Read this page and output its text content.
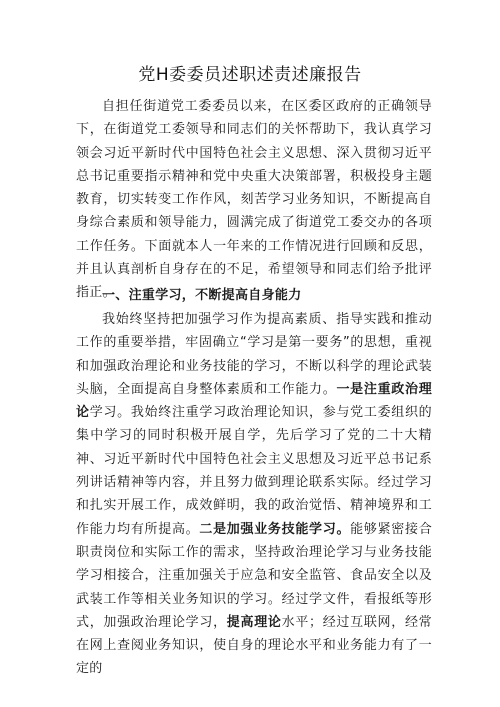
党H委委员述职述责述廉报告

自担任街道党工委委员以来，在区委区政府的正确领导下，在街道党工委领导和同志们的关怀帮助下，我认真学习领会习近平新时代中国特色社会主义思想、深入贯彻习近平总书记重要指示精神和党中央重大决策部署，积极投身主题教育，切实转变工作作风，刻苦学习业务知识，不断提高自身综合素质和领导能力，圆满完成了街道党工委交办的各项工作任务。下面就本人一年来的工作情况进行回顾和反思，并且认真剖析自身存在的不足，希望领导和同志们给予批评指正。

一、注重学习，不断提高自身能力

我始终坚持把加强学习作为提高素质、指导实践和推动工作的重要举措，牢固确立“学习是第一要务”的思想，重视和加强政治理论和业务技能的学习，不断以科学的理论武装头脑，全面提高自身整体素质和工作能力。一是注重政治理论学习。我始终注重学习政治理论知识，参与党工委组织的集中学习的同时积极开展自学，先后学习了党的二十大精神、习近平新时代中国特色社会主义思想及习近平总书记系列讲话精神等内容，并且努力做到理论联系实际。经过学习和扎实开展工作，成效鲜明，我的政治觉悟、精神境界和工作能力均有所提高。二是加强业务技能学习。能够紧密接合职责岗位和实际工作的需求，坚持政治理论学习与业务技能学习相接合，注重加强关于应急和安全监管、食品安全以及武装工作等相关业务知识的学习。经过学文件，看报纸等形式，加强政治理论学习，提高理论水平；经过互联网，经常在网上查阅业务知识，使自身的理论水平和业务能力有了一定的
